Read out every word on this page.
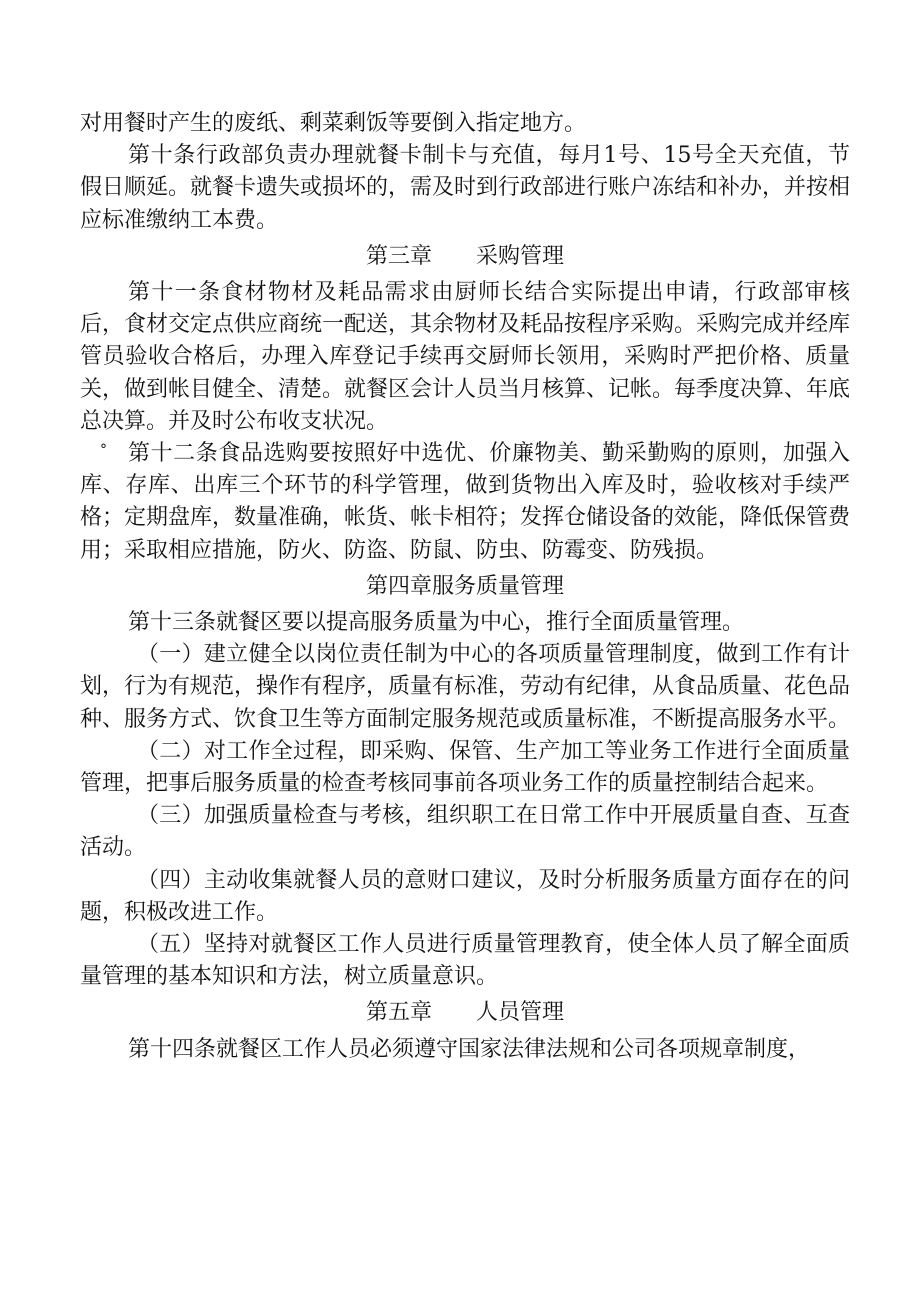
对用餐时产生的废纸、剩菜剩饭等要倒入指定地方。

第十条行政部负责办理就餐卡制卡与充值，每月1号、15号全天充值，节假日顺延。就餐卡遗失或损坏的，需及时到行政部进行账户冻结和补办，并按相应标准缴纳工本费。

第三章　　采购管理

第十一条食材物材及耗品需求由厨师长结合实际提出申请，行政部审核后，食材交定点供应商统一配送，其余物材及耗品按程序采购。采购完成并经库管员验收合格后，办理入库登记手续再交厨师长领用，采购时严把价格、质量关，做到帐目健全、清楚。就餐区会计人员当月核算、记帐。每季度决算、年底总决算。并及时公布收支状况。

° 第十二条食品选购要按照好中选优、价廉物美、勤采勤购的原则，加强入库、存库、出库三个环节的科学管理，做到货物出入库及时，验收核对手续严格；定期盘库，数量准确，帐货、帐卡相符；发挥仓储设备的效能，降低保管费用；采取相应措施，防火、防盗、防鼠、防虫、防霉变、防残损。

第四章服务质量管理

第十三条就餐区要以提高服务质量为中心，推行全面质量管理。

（一）建立健全以岗位责任制为中心的各项质量管理制度，做到工作有计划，行为有规范，操作有程序，质量有标准，劳动有纪律，从食品质量、花色品种、服务方式、饮食卫生等方面制定服务规范或质量标准，不断提高服务水平。

（二）对工作全过程，即采购、保管、生产加工等业务工作进行全面质量管理，把事后服务质量的检查考核同事前各项业务工作的质量控制结合起来。

（三）加强质量检查与考核，组织职工在日常工作中开展质量自查、互查活动。

（四）主动收集就餐人员的意财口建议，及时分析服务质量方面存在的问题，积极改进工作。

（五）坚持对就餐区工作人员进行质量管理教育，使全体人员了解全面质量管理的基本知识和方法，树立质量意识。

第五章　　人员管理

第十四条就餐区工作人员必须遵守国家法律法规和公司各项规章制度，
